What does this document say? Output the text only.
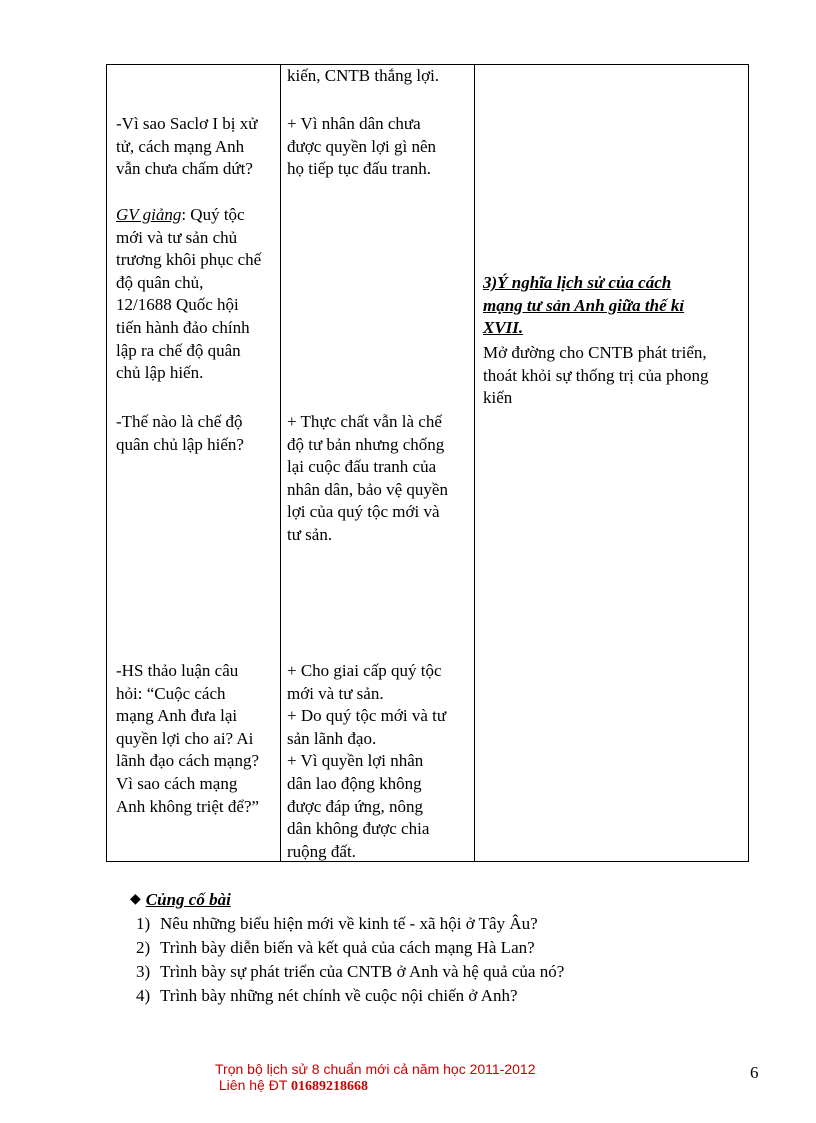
-Vì sao Saclơ I bị xử
tử, cách mạng Anh
vẫn chưa chấm dứt?

GV giảng: Quý tộc
mới và tư sản chủ
trương khôi phục chế
độ quân chủ,
12/1688 Quốc hội
tiến hành đảo chính
lập ra chế độ quân
chủ lập hiến.

-Thế nào là chế độ
quân chủ lập hiến?

-HS thảo luận câu
hỏi: “Cuộc cách
mạng Anh đưa lại
quyền lợi cho ai? Ai
lãnh đạo cách mạng?
Vì sao cách mạng
Anh không triệt để?”

kiến, CNTB thắng lợi.

+ Vì nhân dân chưa
được quyền lợi gì nên
họ tiếp tục đấu tranh.

+ Thực chất vẫn là chế
độ tư bản nhưng chống
lại cuộc đấu tranh của
nhân dân, bảo vệ quyền
lợi của quý tộc mới và
tư sản.

+ Cho giai cấp quý tộc
mới và tư sản.
+ Do quý tộc mới và tư
sản lãnh đạo.
+ Vì quyền lợi nhân
dân lao động không
được đáp ứng, nông
dân không được chia
ruộng đất.

3)Ý nghĩa lịch sử của cách
mạng tư sản Anh giữa thế kỉ
XVII.

Mở đường cho CNTB phát triển,
thoát khỏi sự thống trị của phong
kiến

◆ Củng cố bài

1) Nêu những biểu hiện mới về kinh tế - xã hội ở Tây Âu?
2) Trình bày diễn biến và kết quả của cách mạng Hà Lan?
3) Trình bày sự phát triển của CNTB ở Anh và hệ quả của nó?
4) Trình bày những nét chính về cuộc nội chiến ở Anh?
Trọn bộ lịch sử 8 chuẩn mới cả năm học 2011-2012
Liên hệ ĐT 01689218668
6
